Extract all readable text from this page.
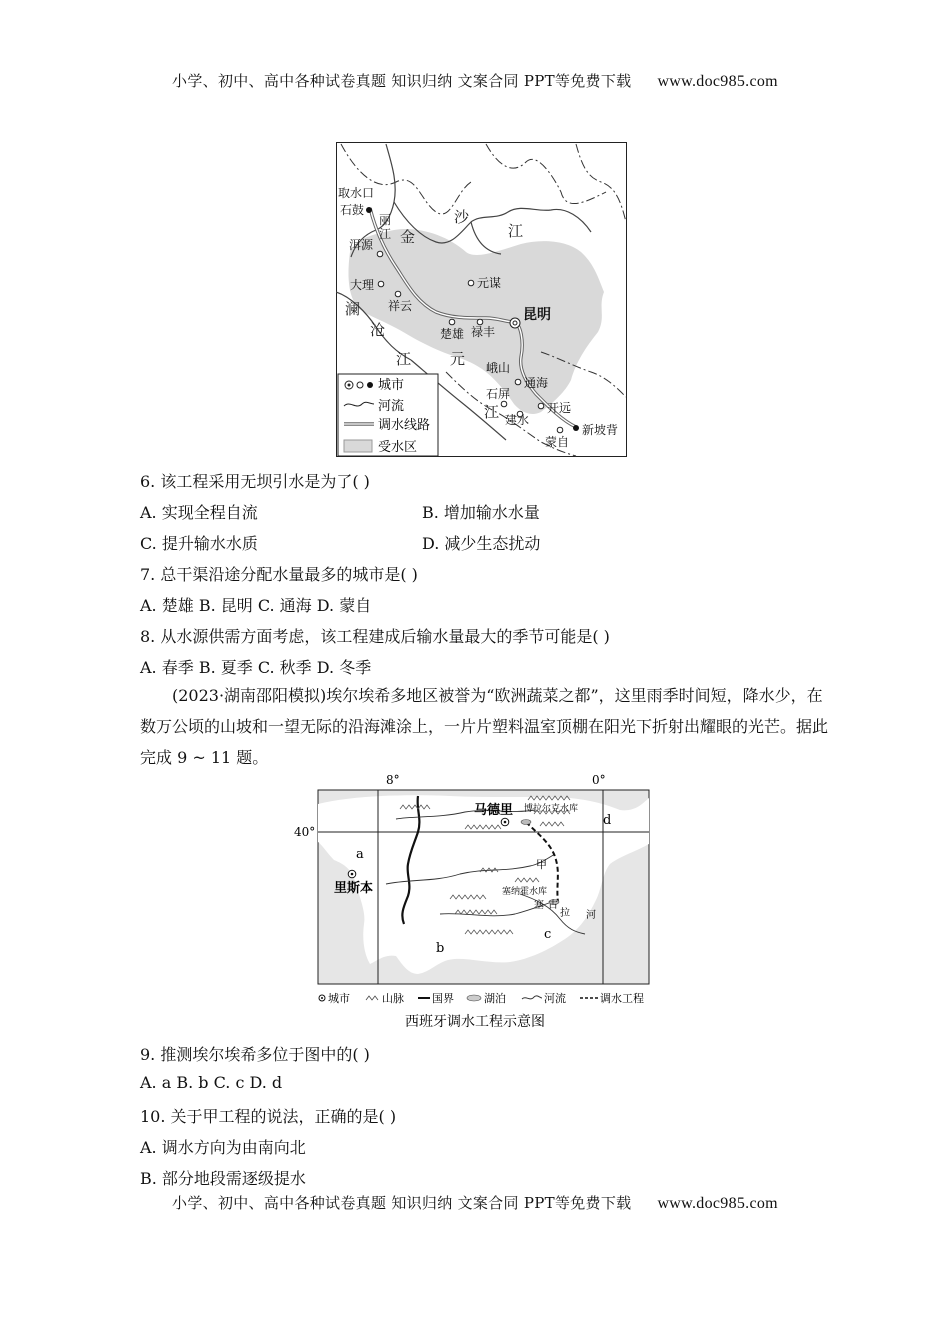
小学、初中、高中各种试卷真题 知识归纳 文案合同 PPT等免费下载 www.doc985.com
金
沙
江
丽
江
澜
沧
江	元
江
取水口
石鼓
洱源
大理
祥云
元谋
楚雄 禄丰
昆明
峨山
通海
石屏
开远
建水
蒙自
新坡背
城市
河流
调水线路
受水区
6. 该工程采用无坝引水是为了( )
A. 实现全程自流	B. 增加输水水量
C. 提升输水水质	D. 减少生态扰动
7. 总干渠沿途分配水量最多的城市是( )
A. 楚雄 B. 昆明 C. 通海 D. 蒙自
8. 从水源供需方面考虑，该工程建成后输水量最大的季节可能是( )
A. 春季 B. 夏季 C. 秋季 D. 冬季
(2023·湖南邵阳模拟)埃尔埃希多地区被誉为“欧洲蔬菜之都”，这里雨季时间短，降水少，在数万公顷的山坡和一望无际的沿海滩涂上，一片片塑料温室顶棚在阳光下折射出耀眼的光芒。据此完成 9 ~ 11 题。
8°	0°
40°
马德里
里斯本
a
b
c
d
甲
博拉尔克水库
塞纳霍水库
塞 古
拉 河
城市	山脉	国界	湖泊	河流	调水工程
西班牙调水工程示意图
9. 推测埃尔埃希多位于图中的( )
A. a B. b C. c D. d
10. 关于甲工程的说法，正确的是( )
A. 调水方向为由南向北
B. 部分地段需逐级提水
小学、初中、高中各种试卷真题 知识归纳 文案合同 PPT等免费下载 www.doc985.com
